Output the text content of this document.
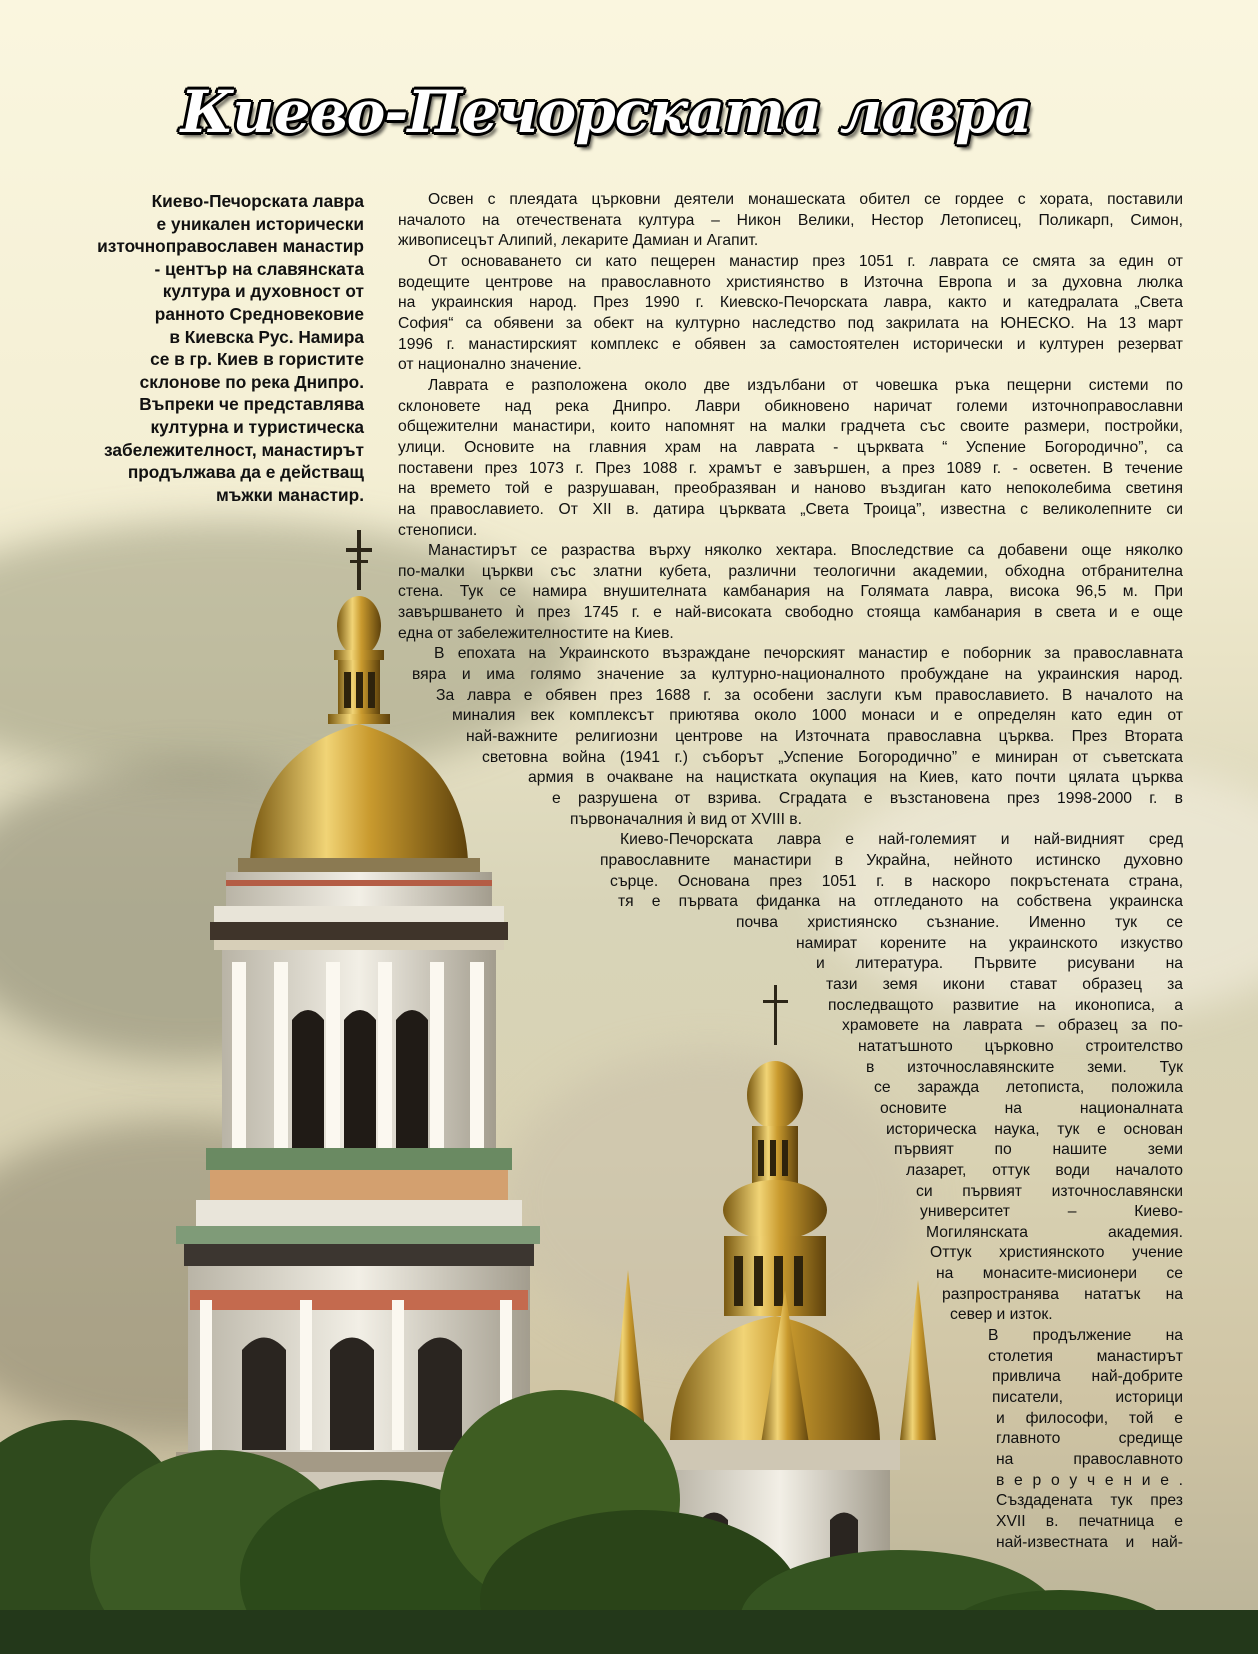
Киево-Печорската лавра
Киево-Печорската лавра
е уникален исторически
източноправославен манастир
- център на славянската
култура и духовност от
ранното Средновековие
в Киевска Рус. Намира
се в гр. Киев в гористите
склонове по река Днипро.
Въпреки че представлява
културна и туристическа
забележителност, манастирът
продължава да е действащ
мъжки манастир.
Освен с плеядата църковни деятели монашеската обител се гордее с хората, поставили
началото на отечествената култура – Никон Велики, Нестор Летописец, Поликарп, Симон,
живописецът Алипий, лекарите Дамиан и Агапит.
От основаването си като пещерен манастир през 1051 г. лаврата се смята за един от
водещите центрове на православното християнство в Източна Европа и за духовна люлка
на украинския народ. През 1990 г. Киевско-Печорската лавра, както и катедралата „Света
София“ са обявени за обект на културно наследство под закрилата на ЮНЕСКО. На 13 март
1996 г. манастирският комплекс е обявен за самостоятелен исторически и културен резерват
от национално значение.
Лаврата е разположена около две издълбани от човешка ръка пещерни системи по
склоновете над река Днипро. Лаври обикновено наричат големи източноправославни
общежителни манастири, които напомнят на малки градчета със своите размери, постройки,
улици. Основите на главния храм на лаврата - църквата “ Успение Богородично”, са
поставени през 1073 г. През 1088 г. храмът е завършен, а през 1089 г. - осветен. В течение
на времето той е разрушаван, преобразяван и наново въздиган като непоколебима светиня
на православието. От XII в. датира църквата „Света Троица”, известна с великолепните си
стенописи.
Манастирът се разраства върху няколко хектара. Впоследствие са добавени още няколко
по-малки църкви със златни кубета, различни теологични академии, обходна отбранителна
стена. Тук се намира внушителната камбанария на Голямата лавра, висока 96,5 м. При
завършването ѝ през 1745 г. е най-високата свободно стояща камбанария в света и е още
една от забележителностите на Киев.
В епохата на Украинското възраждане печорският манастир е поборник за православната
вяра и има голямо значение за културно-националното пробуждане на украинския народ.
За лавра е обявен през 1688 г. за особени заслуги към православието. В началото на
миналия век комплексът приютява около 1000 монаси и е определян като един от
най-важните религиозни центрове на Източната православна църква. През Втората
световна война (1941 г.) съборът „Успение Богородично” е миниран от съветската
армия в очакване на нацистката окупация на Киев, като почти цялата църква
е разрушена от взрива. Сградата е възстановена през 1998-2000 г. в
първоначалния ѝ вид от XVIII в.
Киево-Печорската лавра е най-големият и най-видният сред
православните манастири в Украйна, нейното истинско духовно
сърце. Основана през 1051 г. в наскоро покръстената страна,
тя е първата фиданка на отгледаното на собствена украинска
почва християнско съзнание. Именно тук се
намират корените на украинското изкуство
и литература. Първите рисувани на
тази земя икони стават образец за
последващото развитие на иконописа, а
храмовете на лаврата – образец за по-
нататъшното църковно строителство
в източнославянските земи. Тук
се заражда летописта, положила
основите на националната
историческа наука, тук е основан
първият по нашите земи
лазарет, оттук води началото
си първият източнославянски
университет – Киево-
Могилянската академия.
Оттук християнското учение
на монасите-мисионери се
разпространява нататък на
север и изток.
В продължение на
столетия манастирът
привлича най-добрите
писатели, историци
и философи, той е
главното средище
на православното
в е р о у ч е н и е .
Създадената тук през
XVII в. печатница е
най-известната и най-
